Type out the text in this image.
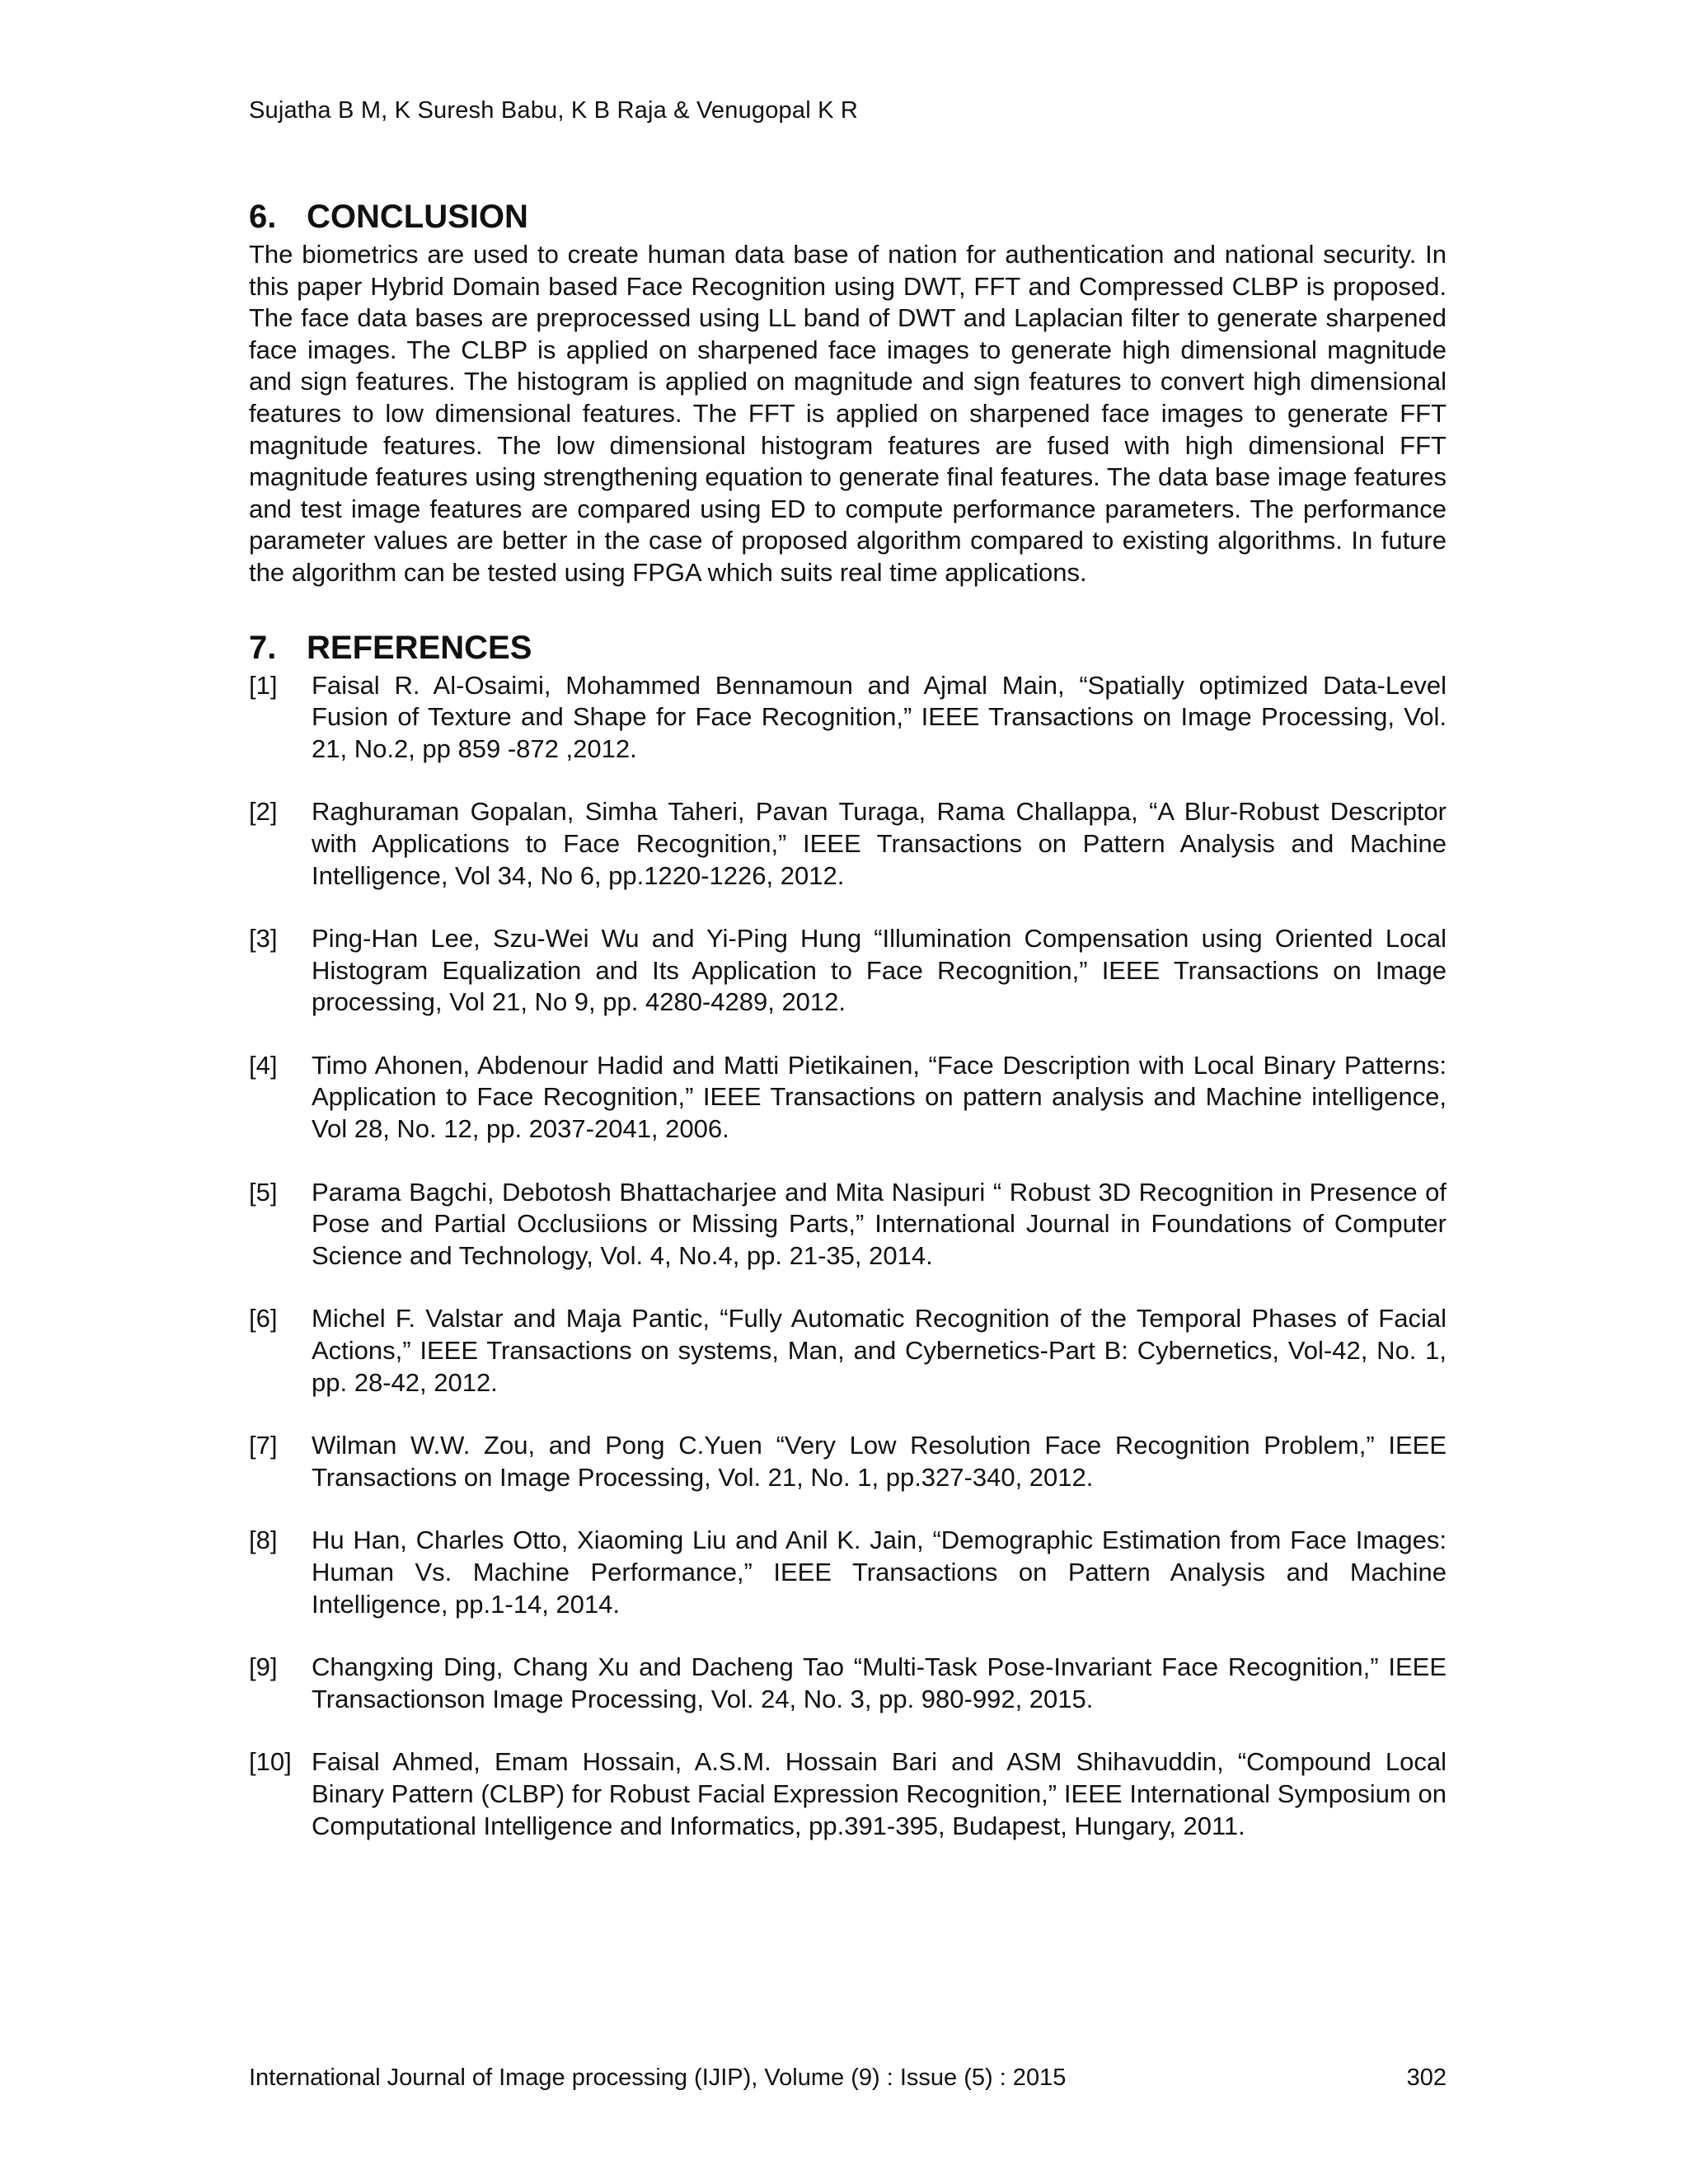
Sujatha B M, K Suresh Babu, K B Raja & Venugopal K R
6. CONCLUSION

The biometrics are used to create human data base of nation for authentication and national security. In this paper Hybrid Domain based Face Recognition using DWT, FFT and Compressed CLBP is proposed. The face data bases are preprocessed using LL band of DWT and Laplacian filter to generate sharpened face images. The CLBP is applied on sharpened face images to generate high dimensional magnitude and sign features. The histogram is applied on magnitude and sign features to convert high dimensional features to low dimensional features. The FFT is applied on sharpened face images to generate FFT magnitude features. The low dimensional histogram features are fused with high dimensional FFT magnitude features using strengthening equation to generate final features. The data base image features and test image features are compared using ED to compute performance parameters. The performance parameter values are better in the case of proposed algorithm compared to existing algorithms. In future the algorithm can be tested using FPGA which suits real time applications.

7. REFERENCES
[1]	Faisal R. Al-Osaimi, Mohammed Bennamoun and Ajmal Main, “Spatially optimized Data-Level Fusion of Texture and Shape for Face Recognition,” IEEE Transactions on Image Processing, Vol. 21, No.2, pp 859 -872 ,2012.
[2]	Raghuraman Gopalan, Simha Taheri, Pavan Turaga, Rama Challappa, “A Blur-Robust Descriptor with Applications to Face Recognition,” IEEE Transactions on Pattern Analysis and Machine Intelligence, Vol 34, No 6, pp.1220-1226, 2012.
[3]	Ping-Han Lee, Szu-Wei Wu and Yi-Ping Hung “Illumination Compensation using Oriented Local Histogram Equalization and Its Application to Face Recognition,” IEEE Transactions on Image processing, Vol 21, No 9, pp. 4280-4289, 2012.
[4]	Timo Ahonen, Abdenour Hadid and Matti Pietikainen, “Face Description with Local Binary Patterns: Application to Face Recognition,” IEEE Transactions on pattern analysis and Machine intelligence, Vol 28, No. 12, pp. 2037-2041, 2006.
[5]	Parama Bagchi, Debotosh Bhattacharjee and Mita Nasipuri “ Robust 3D Recognition in Presence of Pose and Partial Occlusiions or Missing Parts,” International Journal in Foundations of Computer Science and Technology, Vol. 4, No.4, pp. 21-35, 2014.
[6]	Michel F. Valstar and Maja Pantic, “Fully Automatic Recognition of the Temporal Phases of Facial Actions,” IEEE Transactions on systems, Man, and Cybernetics-Part B: Cybernetics, Vol-42, No. 1, pp. 28-42, 2012.
[7]	Wilman W.W. Zou, and Pong C.Yuen “Very Low Resolution Face Recognition Problem,” IEEE Transactions on Image Processing, Vol. 21, No. 1, pp.327-340, 2012.
[8]	Hu Han, Charles Otto, Xiaoming Liu and Anil K. Jain, “Demographic Estimation from Face Images: Human Vs. Machine Performance,” IEEE Transactions on Pattern Analysis and Machine Intelligence, pp.1-14, 2014.
[9]	Changxing Ding, Chang Xu and Dacheng Tao “Multi-Task Pose-Invariant Face Recognition,” IEEE Transactionson Image Processing, Vol. 24, No. 3, pp. 980-992, 2015.
[10] Faisal Ahmed, Emam Hossain, A.S.M. Hossain Bari and ASM Shihavuddin, “Compound Local Binary Pattern (CLBP) for Robust Facial Expression Recognition,” IEEE International Symposium on Computational Intelligence and Informatics, pp.391-395, Budapest, Hungary, 2011.
International Journal of Image processing (IJIP), Volume (9) : Issue (5) : 2015	302
